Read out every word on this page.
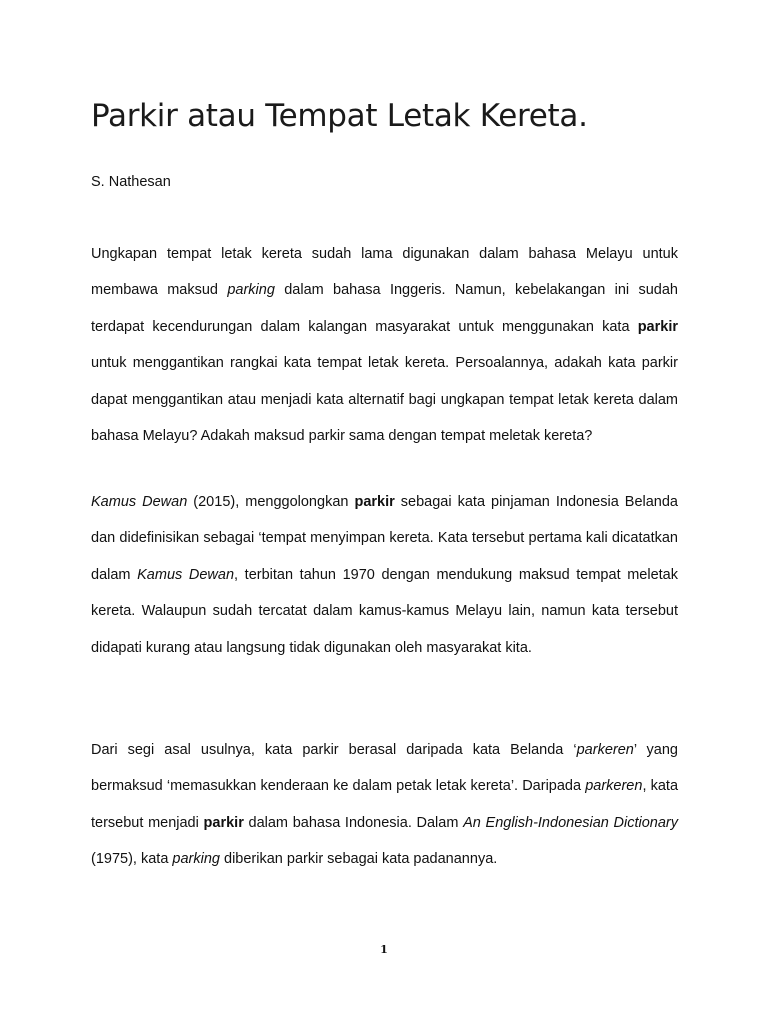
Parkir atau Tempat Letak Kereta.

S. Nathesan

Ungkapan tempat letak kereta sudah lama digunakan dalam bahasa Melayu untuk membawa maksud parking dalam bahasa Inggeris. Namun, kebelakangan ini sudah terdapat kecendurungan dalam kalangan masyarakat untuk menggunakan kata parkir untuk menggantikan rangkai kata tempat letak kereta. Persoalannya, adakah kata parkir dapat menggantikan atau menjadi kata alternatif bagi ungkapan tempat letak kereta dalam bahasa Melayu? Adakah maksud parkir sama dengan tempat meletak kereta?

Kamus Dewan (2015), menggolongkan parkir sebagai kata pinjaman Indonesia Belanda dan didefinisikan sebagai ‘tempat menyimpan kereta. Kata tersebut pertama kali dicatatkan dalam Kamus Dewan, terbitan tahun 1970 dengan mendukung maksud tempat meletak kereta. Walaupun sudah tercatat dalam kamus-kamus Melayu lain, namun kata tersebut didapati kurang atau langsung tidak digunakan oleh masyarakat kita.

Dari segi asal usulnya, kata parkir berasal daripada kata Belanda ‘parkeren’ yang bermaksud ‘memasukkan kenderaan ke dalam petak letak kereta’. Daripada parkeren, kata tersebut menjadi parkir dalam bahasa Indonesia. Dalam An English-Indonesian Dictionary (1975), kata parking diberikan parkir sebagai kata padanannya.

1
